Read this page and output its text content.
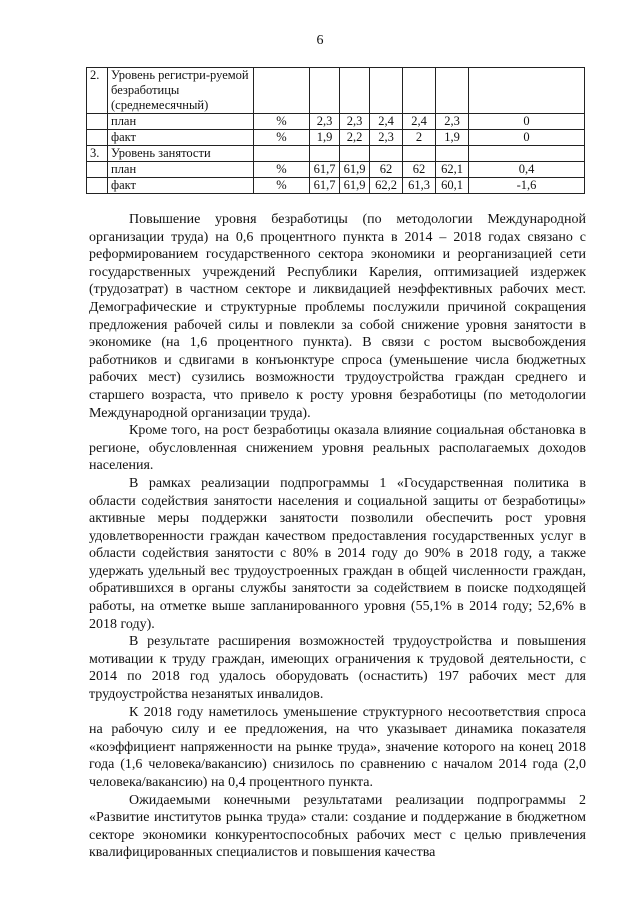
6
2.	Уровень регистри-руемой безработицы (среднемесячный)							
	план	%	2,3	2,3	2,4	2,4	2,3	0
	факт	%	1,9	2,2	2,3	2	1,9	0
3.	Уровень занятости							
	план	%	61,7	61,9	62	62	62,1	0,4
	факт	%	61,7	61,9	62,2	61,3	60,1	-1,6

Повышение уровня безработицы (по методологии Международной организации труда) на 0,6 процентного пункта в 2014 – 2018 годах связано с реформированием государственного сектора экономики и реорганизацией сети государственных учреждений Республики Карелия, оптимизацией издержек (трудозатрат) в частном секторе и ликвидацией неэффективных рабочих мест. Демографические и структурные проблемы послужили причиной сокращения предложения рабочей силы и повлекли за собой снижение уровня занятости в экономике (на 1,6 процентного пункта). В связи с ростом высвобождения работников и сдвигами в конъюнктуре спроса (уменьшение числа бюджетных рабочих мест) сузились возможности трудоустройства граждан среднего и старшего возраста, что привело к росту уровня безработицы (по методологии Международной организации труда).

Кроме того, на рост безработицы оказала влияние социальная обстановка в регионе, обусловленная снижением уровня реальных располагаемых доходов населения.

В рамках реализации подпрограммы 1 «Государственная политика в области содействия занятости населения и социальной защиты от безработицы» активные меры поддержки занятости позволили обеспечить рост уровня удовлетворенности граждан качеством предоставления государственных услуг в области содействия занятости с 80% в 2014 году до 90% в 2018 году, а также удержать удельный вес трудоустроенных граждан в общей численности граждан, обратившихся в органы службы занятости за содействием в поиске подходящей работы, на отметке выше запланированного уровня (55,1% в 2014 году; 52,6% в 2018 году).

В результате расширения возможностей трудоустройства и повышения мотивации к труду граждан, имеющих ограничения к трудовой деятельности, с 2014 по 2018 год удалось оборудовать (оснастить) 197 рабочих мест для трудоустройства незанятых инвалидов.

К 2018 году наметилось уменьшение структурного несоответствия спроса на рабочую силу и ее предложения, на что указывает динамика показателя «коэффициент напряженности на рынке труда», значение которого на конец 2018 года (1,6 человека/вакансию) снизилось по сравнению с началом 2014 года (2,0 человека/вакансию) на 0,4 процентного пункта.

Ожидаемыми конечными результатами реализации подпрограммы 2 «Развитие институтов рынка труда» стали: создание и поддержание в бюджетном секторе экономики конкурентоспособных рабочих мест с целью привлечения квалифицированных специалистов и повышения качества
